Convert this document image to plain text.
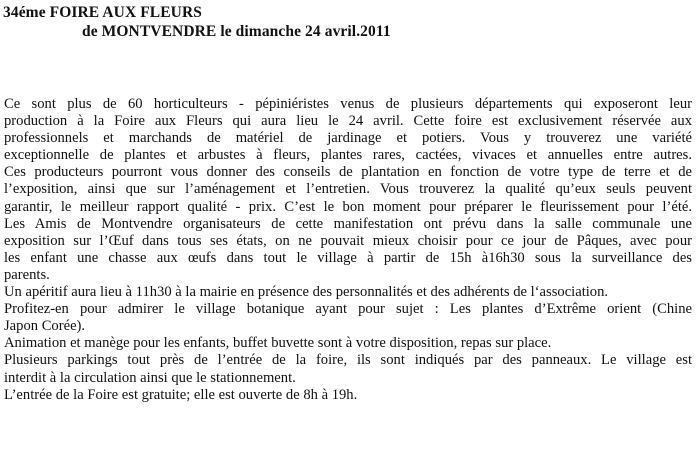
34éme FOIRE AUX FLEURS
de MONTVENDRE le dimanche 24 avril.2011
Ce sont plus de 60 horticulteurs - pépiniéristes venus de plusieurs départements qui exposeront leur
production à la Foire aux Fleurs qui aura lieu le 24 avril. Cette foire est exclusivement réservée aux
professionnels et marchands de matériel de jardinage et potiers. Vous y trouverez une variété
exceptionnelle de plantes et arbustes à fleurs, plantes rares, cactées, vivaces et annuelles entre autres.
Ces producteurs pourront vous donner des conseils de plantation en fonction de votre type de terre et de
l’exposition, ainsi que sur l’aménagement et l’entretien. Vous trouverez la qualité qu’eux seuls peuvent
garantir, le meilleur rapport qualité - prix. C’est le bon moment pour préparer le fleurissement pour l’été.
Les Amis de Montvendre organisateurs de cette manifestation ont prévu dans la salle communale une
exposition sur l’Œuf dans tous ses états, on ne pouvait mieux choisir pour ce jour de Pâques, avec pour
les enfant une chasse aux œufs dans tout le village à partir de 15h à16h30 sous la surveillance des
parents.
Un apéritif aura lieu à 11h30 à la mairie en présence des personnalités et des adhérents de l‘association.
Profitez-en pour admirer le village botanique ayant pour sujet : Les plantes d’Extrême orient (Chine
Japon Corée).
Animation et manège pour les enfants, buffet buvette sont à votre disposition, repas sur place.
Plusieurs parkings tout près de l’entrée de la foire, ils sont indiqués par des panneaux. Le village est
interdit à la circulation ainsi que le stationnement.
L’entrée de la Foire est gratuite; elle est ouverte de 8h à 19h.
